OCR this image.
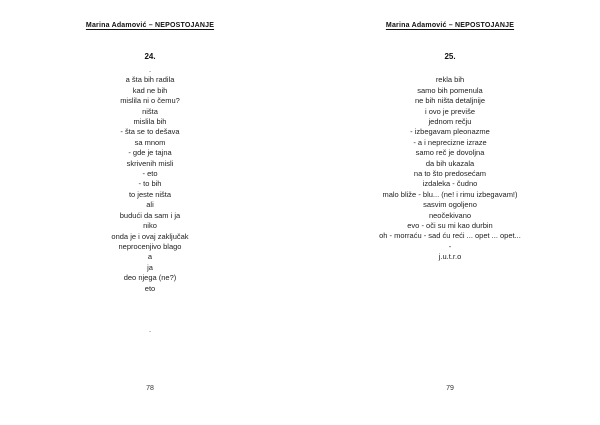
Marina Adamović – NEPOSTOJANJE
24.
.
a šta bih radila
kad ne bih
mislila ni o čemu?
ništa
mislila bih
- šta se to dešava
sa mnom
- gde je tajna
skrivenih misli
- eto
- to bih
to jeste ništa
ali
budući da sam i ja
niko
onda je i ovaj zaključak
neprocenjivo blago
a
ja
deo njega (ne?)
eto
.
78
Marina Adamović – NEPOSTOJANJE
25.
rekla bih
samo bih pomenula
ne bih ništa detaljnije
i ovo je previše
jednom rečju
- izbegavam pleonazme
- a i neprecizne izraze
samo reč je dovoljna
da bih ukazala
na to što predosećam
izdaleka - čudno
malo bliže - blu... (ne! i rimu izbegavam!)
sasvim ogoljeno
neočekivano
evo - oči su mi kao durbin
oh - morraću - sad ću reći ... opet ... opet...
-
j.u.t.r.o
79
